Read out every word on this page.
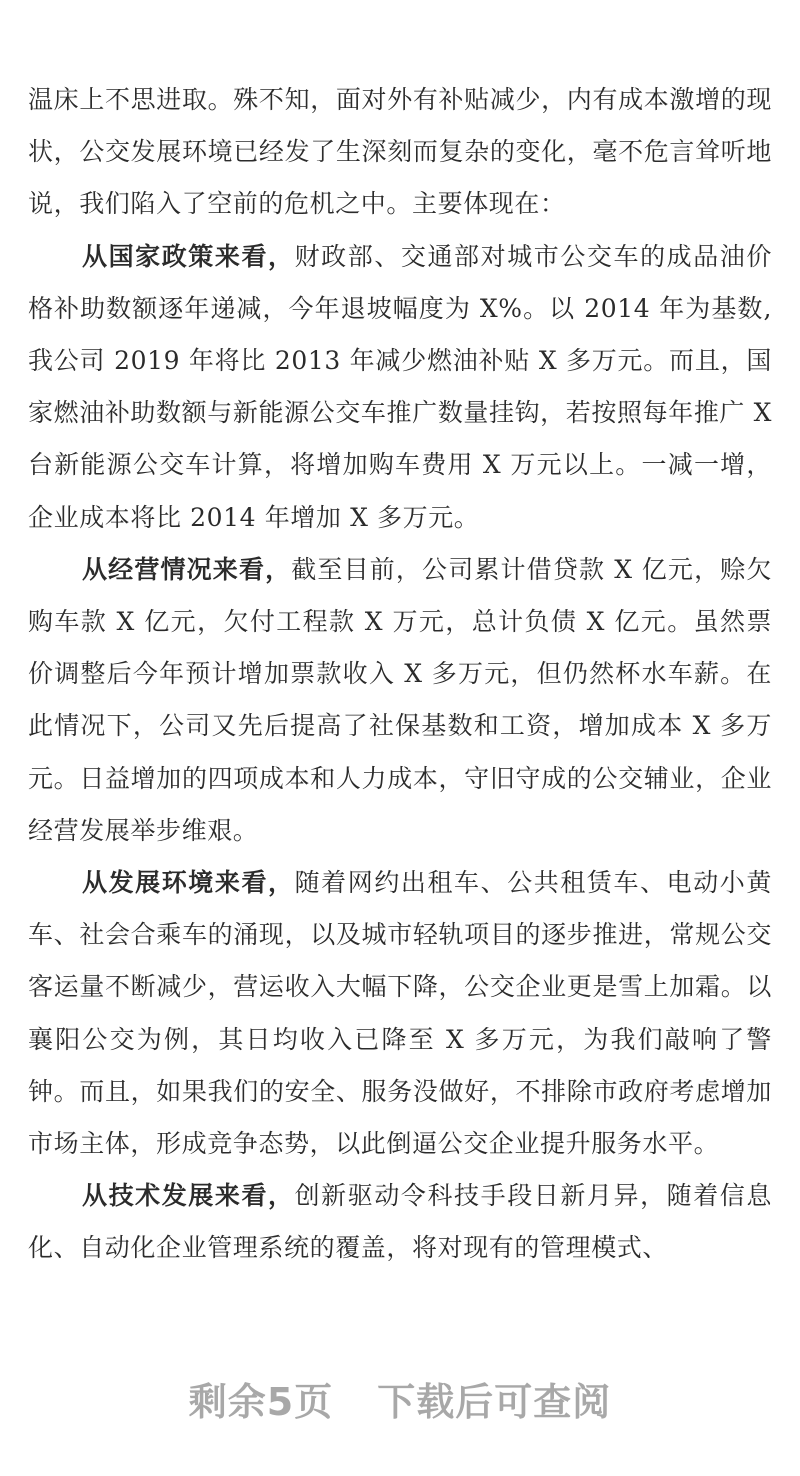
温床上不思进取。殊不知，面对外有补贴减少，内有成本激增的现状，公交发展环境已经发了生深刻而复杂的变化，毫不危言耸听地说，我们陷入了空前的危机之中。主要体现在：

从国家政策来看，财政部、交通部对城市公交车的成品油价格补助数额逐年递减，今年退坡幅度为 X%。以 2014 年为基数,我公司 2019 年将比 2013 年减少燃油补贴 X 多万元。而且，国家燃油补助数额与新能源公交车推广数量挂钩，若按照每年推广 X 台新能源公交车计算，将增加购车费用 X 万元以上。一减一增，企业成本将比 2014 年增加 X 多万元。

从经营情况来看，截至目前，公司累计借贷款 X 亿元，赊欠购车款 X 亿元，欠付工程款 X 万元，总计负债 X 亿元。虽然票价调整后今年预计增加票款收入 X 多万元，但仍然杯水车薪。在此情况下，公司又先后提高了社保基数和工资，增加成本 X 多万元。日益增加的四项成本和人力成本，守旧守成的公交辅业，企业经营发展举步维艰。

从发展环境来看，随着网约出租车、公共租赁车、电动小黄车、社会合乘车的涌现，以及城市轻轨项目的逐步推进，常规公交客运量不断减少，营运收入大幅下降，公交企业更是雪上加霜。以襄阳公交为例，其日均收入已降至 X 多万元，为我们敲响了警钟。而且，如果我们的安全、服务没做好，不排除市政府考虑增加市场主体，形成竞争态势，以此倒逼公交企业提升服务水平。

从技术发展来看，创新驱动令科技手段日新月异，随着信息化、自动化企业管理系统的覆盖，将对现有的管理模式、

剩余5页 下载后可查阅
